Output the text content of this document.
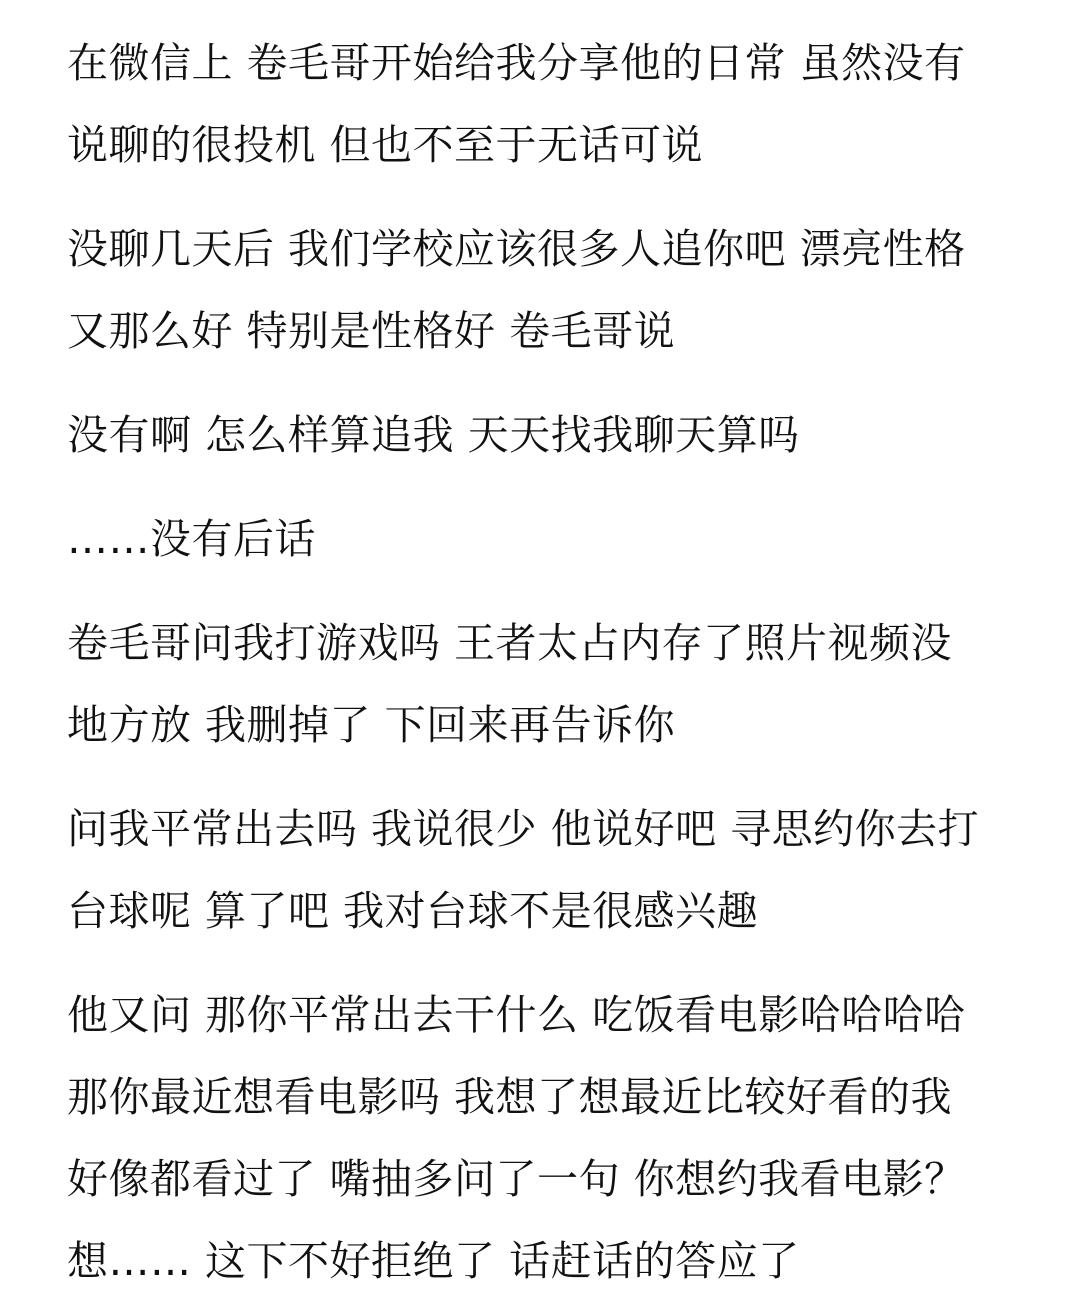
在微信上 卷毛哥开始给我分享他的日常 虽然没有
说聊的很投机 但也不至于无话可说
没聊几天后 我们学校应该很多人追你吧 漂亮性格
又那么好 特别是性格好 卷毛哥说
没有啊 怎么样算追我 天天找我聊天算吗
……没有后话
卷毛哥问我打游戏吗 王者太占内存了照片视频没
地方放 我删掉了 下回来再告诉你
问我平常出去吗 我说很少 他说好吧 寻思约你去打
台球呢 算了吧 我对台球不是很感兴趣
他又问 那你平常出去干什么 吃饭看电影哈哈哈哈
那你最近想看电影吗 我想了想最近比较好看的我
好像都看过了 嘴抽多问了一句 你想约我看电影？
想…… 这下不好拒绝了 话赶话的答应了
